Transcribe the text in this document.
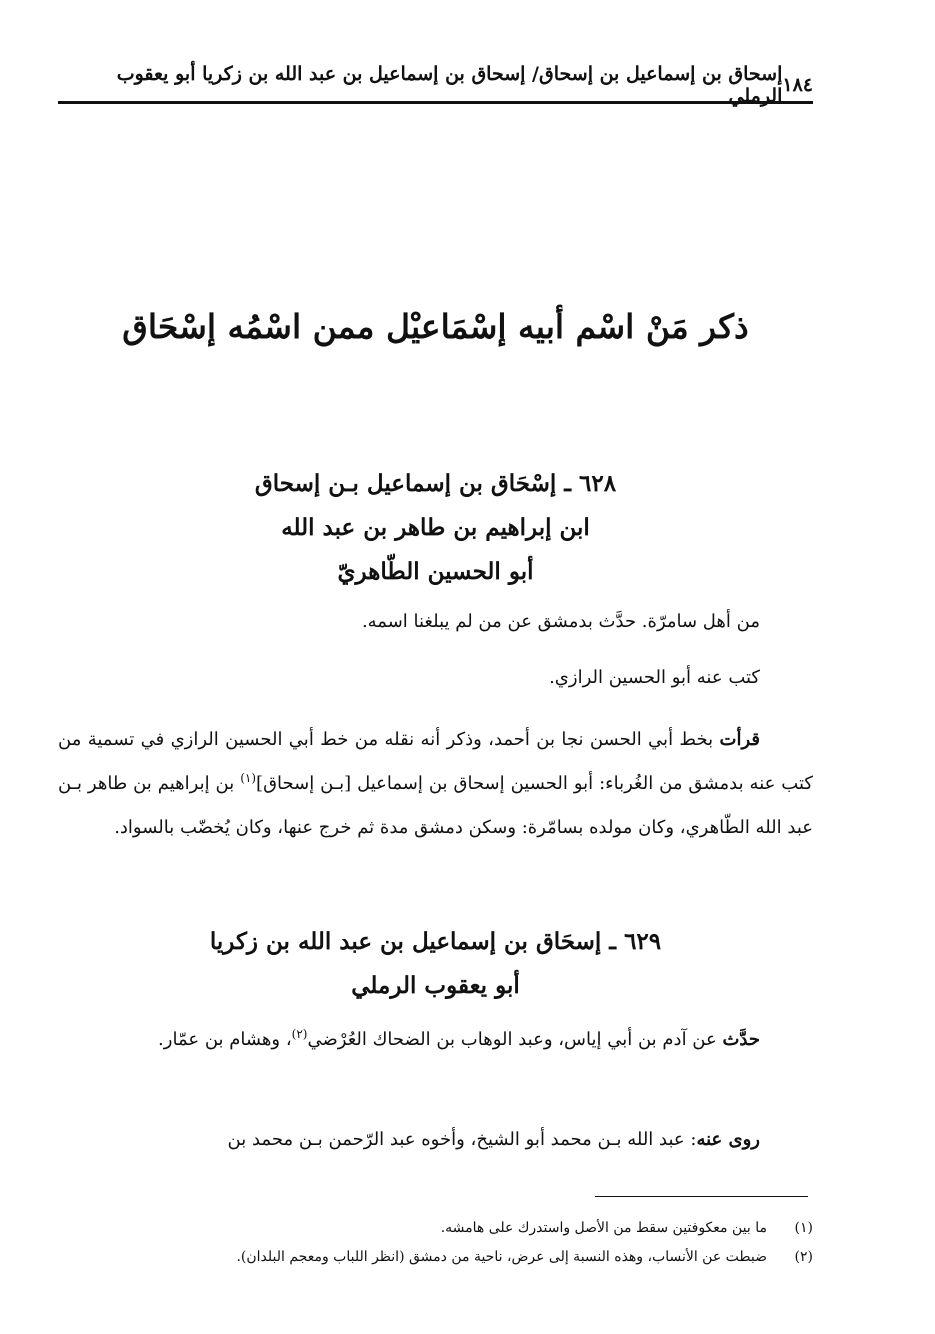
١٨٤
إسحاق بن إسماعيل بن إسحاق/ إسحاق بن إسماعيل بن عبد الله بن زكريا أبو يعقوب الرملي
ذكر مَنْ اسْم أبيه إسْمَاعيْل ممن اسْمُه إسْحَاق
٦٢٨ ـ إسْحَاق بن إسماعيل بـن إسحاق
ابن إبراهيم بن طاهر بن عبد الله
أبو الحسين الطّاهريّ

من أهل سامرّة. حدَّث بدمشق عن من لم يبلغنا اسمه.

كتب عنه أبو الحسين الرازي.

قرأت بخط أبي الحسن نجا بن أحمد، وذكر أنه نقله من خط أبي الحسين الرازي في تسمية من كتب عنه بدمشق من الغُرباء: أبو الحسين إسحاق بن إسماعيل [بـن إسحاق]$^{(١)}$ بن إبراهيم بن طاهر بـن عبد الله الطّاهري، وكان مولده بسامّرة: وسكن دمشق مدة ثم خرج عنها، وكان يُخضّب بالسواد.

٦٢٩ ـ إسحَاق بن إسماعيل بن عبد الله بن زكريا
أبو يعقوب الرملي

حدَّث عن آدم بن أبي إياس، وعبد الوهاب بن الضحاك العُرْضي$^{(٢)}$، وهشام بن عمّار.

روى عنه: عبد الله بـن محمد أبو الشيخ، وأخوه عبد الرّحمن بـن محمد بن

(١)
ما بين معكوفتين سقط من الأصل واستدرك على هامشه.
(٢)
ضبطت عن الأنساب، وهذه النسبة إلى عرض، ناحية من دمشق (انظر اللباب ومعجم البلدان).
